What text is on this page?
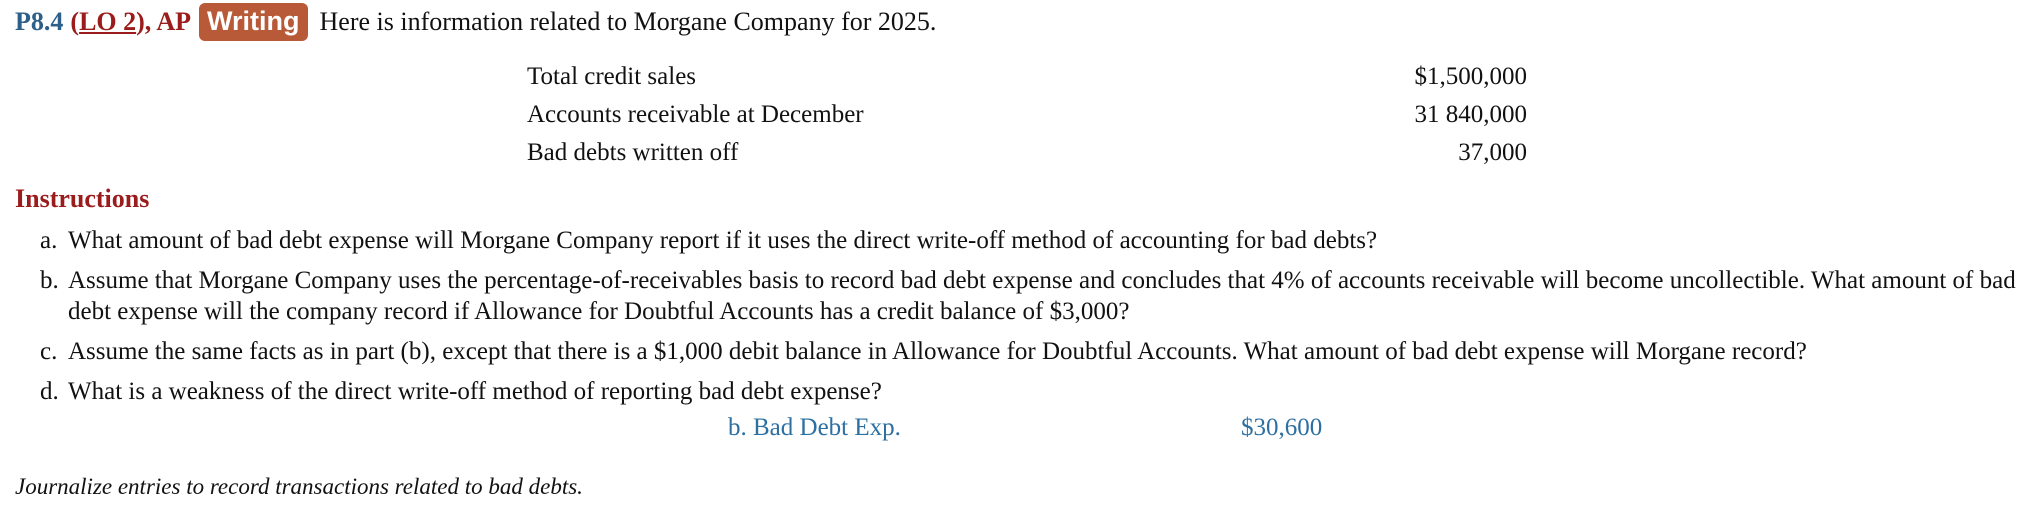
P8.4 (LO 2), AP Writing Here is information related to Morgane Company for 2025.
Total credit sales	$1,500,000
Accounts receivable at December	31 840,000
Bad debts written off	37,000
Instructions
a. What amount of bad debt expense will Morgane Company report if it uses the direct write-off method of accounting for bad debts?
b. Assume that Morgane Company uses the percentage-of-receivables basis to record bad debt expense and concludes that 4% of accounts receivable will become uncollectible. What amount of bad debt expense will the company record if Allowance for Doubtful Accounts has a credit balance of $3,000?
c. Assume the same facts as in part (b), except that there is a $1,000 debit balance in Allowance for Doubtful Accounts. What amount of bad debt expense will Morgane record?
d. What is a weakness of the direct write-off method of reporting bad debt expense?
b. Bad Debt Exp.	$30,600
Journalize entries to record transactions related to bad debts.
